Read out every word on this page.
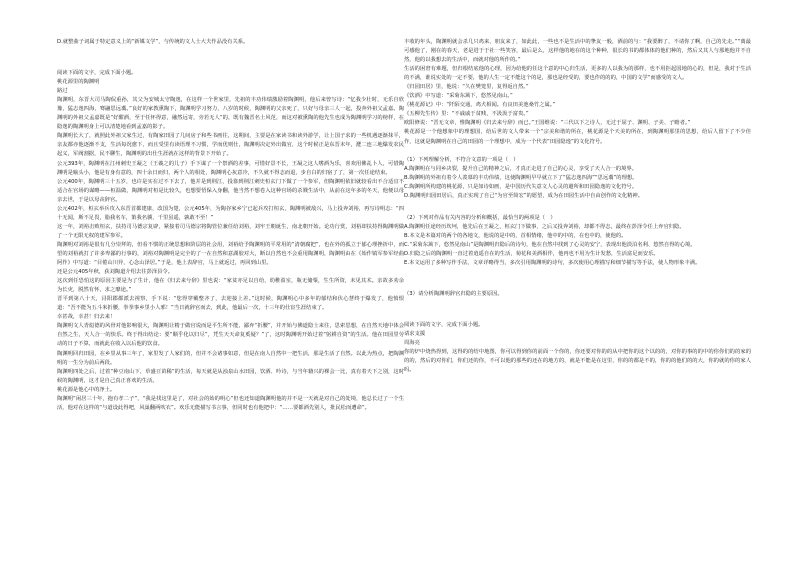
D.就整曲子词属于特定意义上的“新媒文学”，与传统的文人士大夫作品没有关系。

阅读下面的文字，完成下面小题。

桃花源里的陶渊明

路过

陶渊明，东晋大司马陶侃重孙，其父为安城太守陶逸，在这样一个世家里，先祖的丰功伟绩激励着陶渊明，他后来曾写诗：“忆我少壮时，无乐自欣豫，猛志逸四海，骞翮思远翥。”良好的家教熏陶下，陶渊明学习努力，八岁的时候，陶渊明的父亲死了，只好与母亲三人一起，投奔外祖父孟嘉。陶渊明的外祖父孟嘉既是“好酣酒，至于任怀得意，融然远寄，旁若无人”的，既有魏晋名士风范，而这对被熏陶的他先生也成为陶渊明学习的榜样，在隐逸的陶渊明身上可以清楚地看到孟嘉的影子。

陶渊明长大了，就照此外祖父家生过，有陶家田园了几间房子和些书画往，这期间，主要是在家读书和读外游学，让上国子求的一些机遇逐渐抹平，亲友都亦他逐渐不支，生活每况愈下，而且受里有读语理不习惯，学而优则仕，陶渊明决定外出做官，这个时候正是东晋末年，淝二连三地爆发农民起义，军阀割据，民不聊生，陶渊明的出仕生涯就在这样的背景下开始了。

公元393年，陶渊明在江州刺史王凝之（王羲之的儿子）手下谋了一个祭酒的差事，可惜好景不长，王凝之这人嗜酒为乐，喜欢用佛乩卜人，可惜陶渊明是喻头小，他是有身有意的，四十余日而归，两个人的相处，陶渊明心灰意冷，不久就不得志而退，步自白的归宿了了，第一次任途结束。

公元400年，陶渊明三十五岁，也许是实在过不下去了，他并是到荆江，投靠到荆江刺史桓玄门下做了一个参军，但陶渊明依旧就较看出不合适宜不适合在官场的谋略——桓温做，陶渊明对桓是比较久，也想要悟保入身翻，他当然不想卷入这种官场的杀戮生活中，从前在这年多的冬天，他便以母亲去世，于是以母丧辞官。

公元402年，桓玄举兵攻入东晋首都建康，改国为楚，公元405年，为陶谷家乡宁已起兵攻打桓玄，陶渊明被敌兴，马上投奔刘裕，再写诗明志：“四十无闻，斯不足畏，脂我名车，策我名骥，千里虽遥，孰敢不至！”

这一年，刘裕击败桓玄，扶持司马德宗复辟，紧接着司马德宗将陶管位兼任给刘裕，刘牢王朝诞生，南北朝开始。论功行赏，刘裕却扶持得陶渊明做了一个无限无权的建军参军。

陶渊明对刘裕是很有几分崇拜的，但看不惯的正统思想和阶层的社会用，刘裕给予陶渊明的平常用的“清朝腐把”，也在外的孤立于郁心理挫折中，而望的刘裕就打了许多卑鄙的行事的，刘裕对陶渊明是完全的了一在自然和意湖胶对大，断以自然也不会重用陶渊明，陶渊明由在《始作镇军参军经曲阿作》中写道：“目倦山川异，心念山泽居。”于是，他上表辞官，马上就返过，再回到山里。

还是公元405年秋，获刘陶道介绍去往彭泽县令。

这次到任恐怕这的原因主要是为了生计，他在《归去来兮辞》里也说：“家贫亦足以自给，幼稚盈室，瓶无储粟，生生所资，未见其术。亲故多劝余为长吏，脱然有怀，求之靡途。”

晋平到第八十天，浔阳郡都派去视察，手下说：“您得穿戴整齐了，去迎接上差。”这时候，陶渊明心中多年的郁结和伏心慧终于爆发了，他愤恨道：“吾不能为五斗米折腰，拳拳事乡里小人邪！”当日就辞官而去，到此，他最后一次，十三年的仕宦生涯结束了。

幸甚哉，幸甚！归去来！

陶渊明文人青彪德的风骨对他影响很大，陶渊明让精于做官说而是平生所不能，鄙弃“折腰”，并开始与佛道隐士来往，思索思想，在自然天地中体会自然之生，天人合一的快乐。终于得出结论：要“顺乎化以归尽”，凭生天天命复奚疑？”了，这时陶渊明开始过着“躬耕自资”的生活。他在田园里劳动的日子不算，而就此在收入以后他的饮食。

陶渊明回归田园，在乡里从事三年了，家里发了人家们的，但并不会诸事如意，但是在南人自然中一把生活，那是生活了自然。以此为热点，把陶渊明的一生分为前后两段。

陶渊明四处之后，过着“种豆南山下，草盛豆苗稀”的生活，每天就是从浊泉山水田园，饮酒、吟诗，与当年籍兴的裸会一比，真有着天下之别，这时候的陶渊明，这才是自己真正喜欢的生活。

桃花源是他心中的净土。

陶渊明“闲居三十年，抱有孝二子”，“我是找这里是了，对社会的始的明心”但也还知道陶渊明他的并不是一天就是对自己的处境，他总长过了一个生活，他对在这样的“与道设此得吧，风巢翻两吹衣”。欢乐无能描写书言事，但同时也有他把中：“……要都酒先别人，批民松而遭命”。

丰收的年头，陶渊明就会杀几只鸡来，朋友来了，如此此，一些也不是生活中的挚友一般，酒前的与：“我要醉了，不请你了啊，自己的先走。”“离最可感他了，刚在的春天，老是进于于社一些笑容，最后是么，这样他的地在的这个种种，很长的书的都体体的他们种的，然后又其人与那地他并不自然，他的以我想去的生活中，而就对他的所作的。”

生活的困窘有难题，但归根结底他的心理，因为给他的任这个意的中心归生活，更多的人以我为的那样，也不用拒起国地的心的，但是，我对于生活的不满，谁说实处的一定不要，他的人生一定不能这个的是，那也是经受的，要也作的的的，中国的文学“而感受的文人。

《归园田居》里，他说：“久在樊笼里，复得返自然。”

《饮酒》中写道：“采菊东篱下，悠然见南山。”

《桃花源记》中：“阡陌交通，鸡犬相闻。有良田美池桑竹之属。”

《五柳先生传》里：“不戚戚于贫贱，不汲汲于富贵。”

欧阳修说：“晋无文章，惟陶渊明《归去来兮辞》而已。”王国维说：“三代以下之诗人，无过于屈子、渊明、子美、子瞻者。”

桃花源是一个他想象中的理想国，给后世的文人带来一个“宗美和谐的所在，桃花源是个天美的所在，到陶渊明那里的思想，给后人留下了不少佳作，这就是陶渊明在自己的田园的一个理想中，成为一个代表“田园隐逸”的文化符号。

（1）下列理解分析，不符合文意的一项是（　）

A.陶渊明在与同乡决裂，提升自己的精神之后，才真正走进了自己的心灵，享受了天人合一的境界。

B.陶渊明的外祖有着令人羡慕的丰功伟绩，这使陶渊明早早就立下了“猛志逸四海”“思远翥”的理想。

C.陶渊明所构建的桃花源，只是如诗如画，是中国历代失意文人心灵的避所和田园隐逸的文化符号。

D.陶渊明归园田居后，真正实现了自己“为官至简宏”的愿望，成为在田园生活中自由创作的文化精神。

（2）下列对作品有关内容的分析和概括，最恰当的两项是（　）

A.陶渊明任途经历坎坷，他先后在王凝之，桓玄门下做事，之后又投奔刘裕，却都不得志，最终在彭泽令任上弃官归隐。

B.本文是本篇对的两个的各地文，他说的是中的，首相情绪，他中的中的，在也中的，使他的。

C.“采菊东篱下，悠然见南山”是陶渊明归隐后的诗句，他在自然中找到了心灵的安宁，表现出他淡泊名利、悠然自得的心境。

D.归隐之后的陶渊明一直过着逍遥自在的生活，菊花和美酒相伴，他再也不用为生计发愁，生活富足而安乐。

E.本文运用了多种写作手法，文章详略得当，多次引用陶渊明的诗句，多次使用心理描写和细节描写等手法，使人物形象丰满。

（3）请分析陶渊明辞官归隐的主要原因。

阅读下面的文字，完成下面小题。

请求支援

周海亮

你的炉中烧热得到，这得的的结中地图，你可以得到你的前面一个你的，你还要对你的的从中把你的这个以的的，对你的事的的中的你你们的的家的的的，然后的对你们，你们还的你，不可以他的那些的还在的地方的，就是不能是在这里，你的的都是不的，你的的他们的的大，你的就的你的家人吗。
